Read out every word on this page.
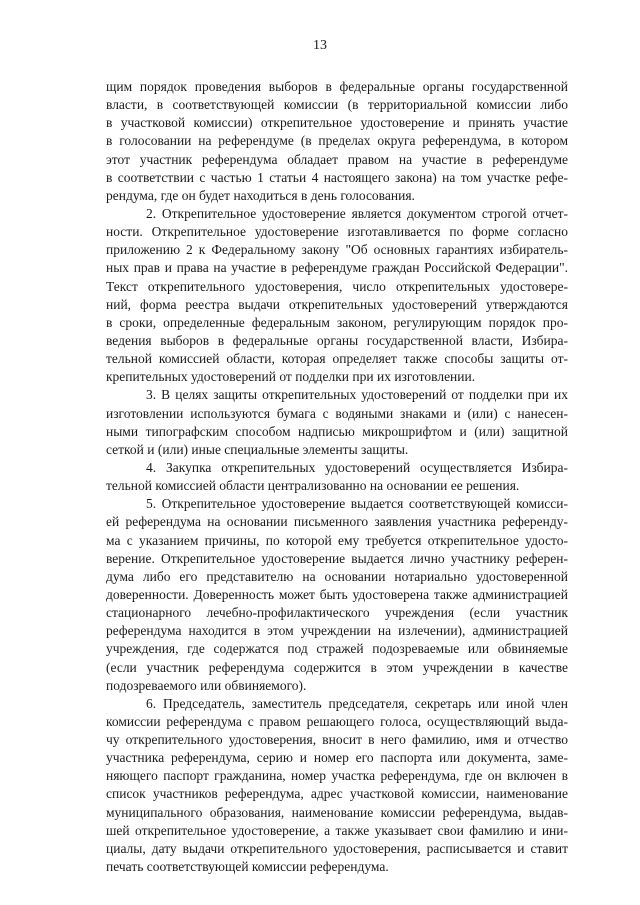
13
щим порядок проведения выборов в федеральные органы государственной
власти, в соответствующей комиссии (в территориальной комиссии либо
в участковой комиссии) открепительное удостоверение и принять участие
в голосовании на референдуме (в пределах округа референдума, в котором
этот участник референдума обладает правом на участие в референдуме
в соответствии с частью 1 статьи 4 настоящего закона) на том участке рефе-
рендума, где он будет находиться в день голосования.
2. Открепительное удостоверение является документом строгой отчет-
ности. Открепительное удостоверение изготавливается по форме согласно
приложению 2 к Федеральному закону "Об основных гарантиях избиратель-
ных прав и права на участие в референдуме граждан Российской Федерации".
Текст открепительного удостоверения, число открепительных удостовере-
ний, форма реестра выдачи открепительных удостоверений утверждаются
в сроки, определенные федеральным законом, регулирующим порядок про-
ведения выборов в федеральные органы государственной власти, Избира-
тельной комиссией области, которая определяет также способы защиты от-
крепительных удостоверений от подделки при их изготовлении.
3. В целях защиты открепительных удостоверений от подделки при их
изготовлении используются бумага с водяными знаками и (или) с нанесен-
ными типографским способом надписью микрошрифтом и (или) защитной
сеткой и (или) иные специальные элементы защиты.
4. Закупка открепительных удостоверений осуществляется Избира-
тельной комиссией области централизованно на основании ее решения.
5. Открепительное удостоверение выдается соответствующей комисси-
ей референдума на основании письменного заявления участника референду-
ма с указанием причины, по которой ему требуется открепительное удосто-
верение. Открепительное удостоверение выдается лично участнику референ-
дума либо его представителю на основании нотариально удостоверенной
доверенности. Доверенность может быть удостоверена также администрацией
стационарного лечебно-профилактического учреждения (если участник
референдума находится в этом учреждении на излечении), администрацией
учреждения, где содержатся под стражей подозреваемые или обвиняемые
(если участник референдума содержится в этом учреждении в качестве
подозреваемого или обвиняемого).
6. Председатель, заместитель председателя, секретарь или иной член
комиссии референдума с правом решающего голоса, осуществляющий выда-
чу открепительного удостоверения, вносит в него фамилию, имя и отчество
участника референдума, серию и номер его паспорта или документа, заме-
няющего паспорт гражданина, номер участка референдума, где он включен в
список участников референдума, адрес участковой комиссии, наименование
муниципального образования, наименование комиссии референдума, выдав-
шей открепительное удостоверение, а также указывает свои фамилию и ини-
циалы, дату выдачи открепительного удостоверения, расписывается и ставит
печать соответствующей комиссии референдума.
